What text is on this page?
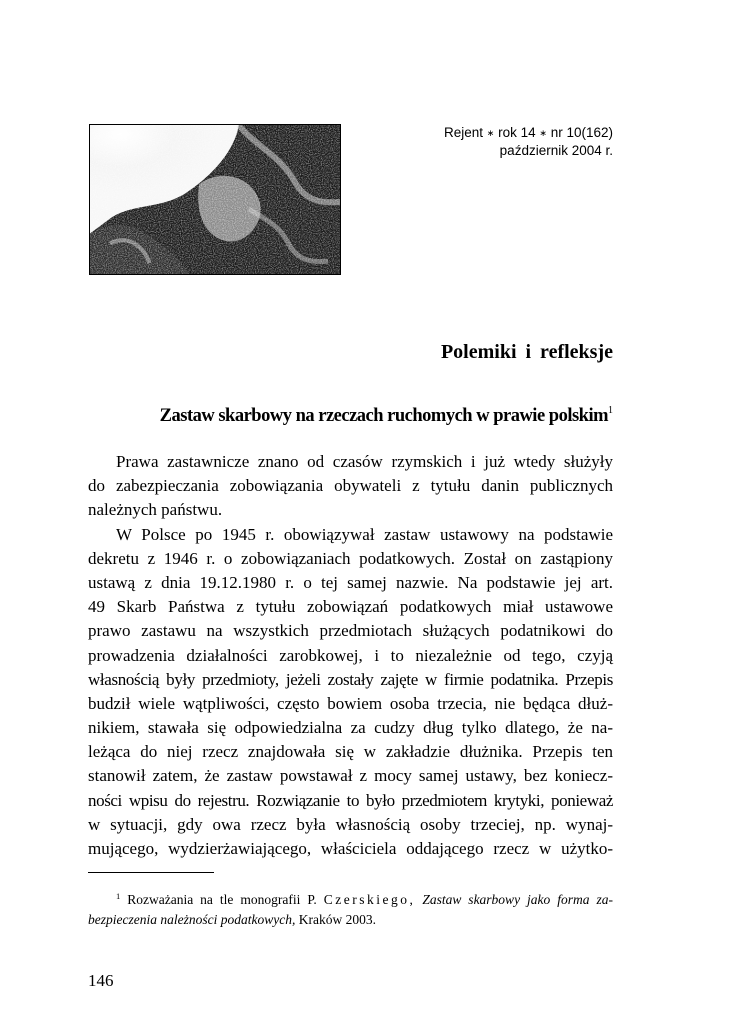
Rejent ∗ rok 14 ∗ nr 10(162)
październik 2004 r.
Polemiki i refleksje
Zastaw skarbowy na rzeczach ruchomych w prawie polskim$^1$
Prawa zastawnicze znano od czasów rzymskich i już wtedy służyły
do zabezpieczania zobowiązania obywateli z tytułu danin publicznych
należnych państwu.
W Polsce po 1945 r. obowiązywał zastaw ustawowy na podstawie
dekretu z 1946 r. o zobowiązaniach podatkowych. Został on zastąpiony
ustawą z dnia 19.12.1980 r. o tej samej nazwie. Na podstawie jej art.
49 Skarb Państwa z tytułu zobowiązań podatkowych miał ustawowe
prawo zastawu na wszystkich przedmiotach służących podatnikowi do
prowadzenia działalności zarobkowej, i to niezależnie od tego, czyją
własnością były przedmioty, jeżeli zostały zajęte w firmie podatnika. Przepis
budził wiele wątpliwości, często bowiem osoba trzecia, nie będąca dłuż-
nikiem, stawała się odpowiedzialna za cudzy dług tylko dlatego, że na-
leżąca do niej rzecz znajdowała się w zakładzie dłużnika. Przepis ten
stanowił zatem, że zastaw powstawał z mocy samej ustawy, bez koniecz-
ności wpisu do rejestru. Rozwiązanie to było przedmiotem krytyki, ponieważ
w sytuacji, gdy owa rzecz była własnością osoby trzeciej, np. wynaj-
mującego, wydzierżawiającego, właściciela oddającego rzecz w użytko-
$^1$ Rozważania na tle monografii P. Czerskiego, Zastaw skarbowy jako forma za-
bezpieczenia należności podatkowych, Kraków 2003.
146
